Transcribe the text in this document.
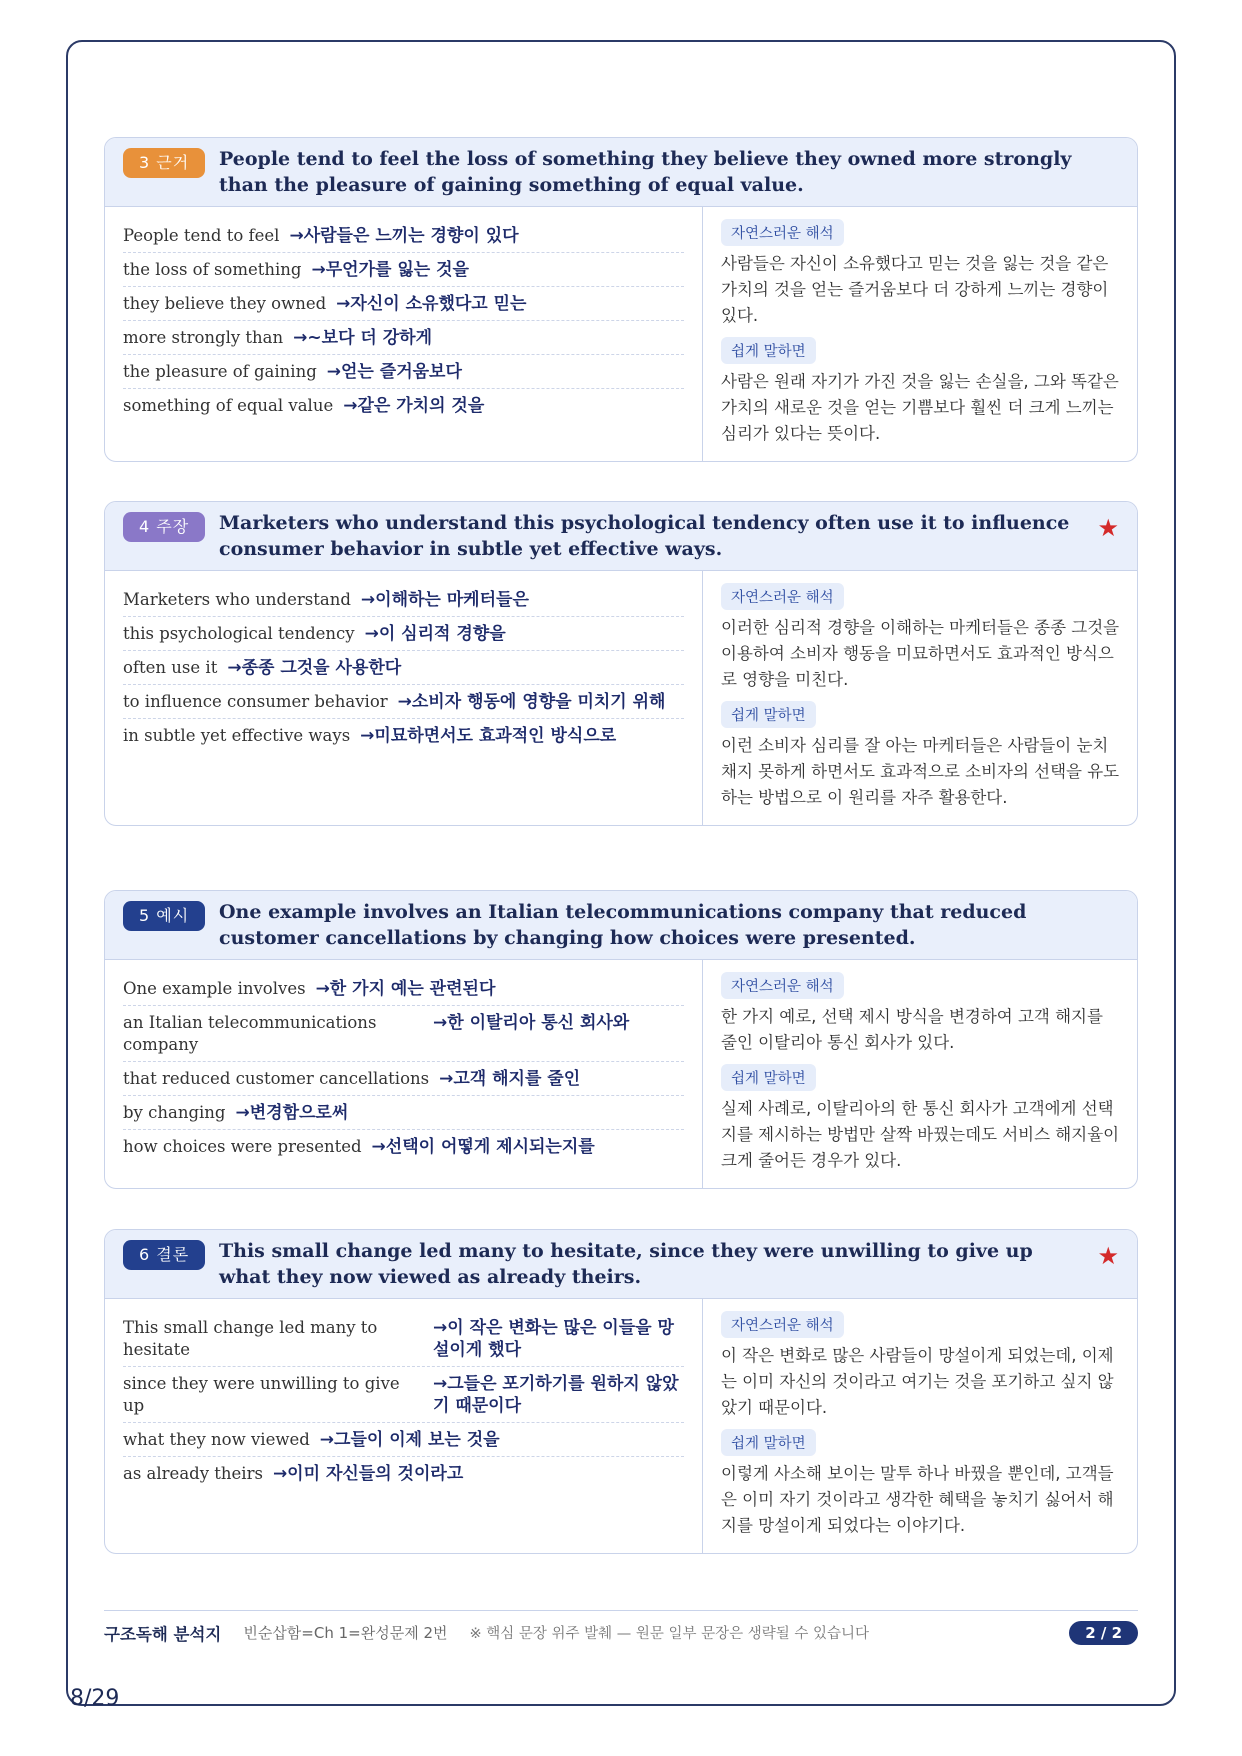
3 근거	People tend to feel the loss of something they believe they owned more strongly than the pleasure of gaining something of equal value.
People tend to feel →사람들은 느끼는 경향이 있다
the loss of something →무언가를 잃는 것을
they believe they owned →자신이 소유했다고 믿는
more strongly than →~보다 더 강하게
the pleasure of gaining →얻는 즐거움보다
something of equal value →같은 가치의 것을
자연스러운 해석
사람들은 자신이 소유했다고 믿는 것을 잃는 것을 같은 가치의 것을 얻는 즐거움보다 더 강하게 느끼는 경향이 있다.
쉽게 말하면
사람은 원래 자기가 가진 것을 잃는 손실을, 그와 똑같은 가치의 새로운 것을 얻는 기쁨보다 훨씬 더 크게 느끼는 심리가 있다는 뜻이다.
4 주장	Marketers who understand this psychological tendency often use it to influence consumer behavior in subtle yet effective ways.
★
Marketers who understand →이해하는 마케터들은
this psychological tendency →이 심리적 경향을
often use it →종종 그것을 사용한다
to influence consumer behavior →소비자 행동에 영향을 미치기 위해
in subtle yet effective ways →미묘하면서도 효과적인 방식으로
자연스러운 해석
이러한 심리적 경향을 이해하는 마케터들은 종종 그것을 이용하여 소비자 행동을 미묘하면서도 효과적인 방식으로 영향을 미친다.
쉽게 말하면
이런 소비자 심리를 잘 아는 마케터들은 사람들이 눈치채지 못하게 하면서도 효과적으로 소비자의 선택을 유도하는 방법으로 이 원리를 자주 활용한다.
5 예시	One example involves an Italian telecommunications company that reduced customer cancellations by changing how choices were presented.
One example involves →한 가지 예는 관련된다
an Italian telecommunications company
→한 이탈리아 통신 회사와
that reduced customer cancellations →고객 해지를 줄인
by changing →변경함으로써
how choices were presented →선택이 어떻게 제시되는지를
자연스러운 해석
한 가지 예로, 선택 제시 방식을 변경하여 고객 해지를 줄인 이탈리아 통신 회사가 있다.
쉽게 말하면
실제 사례로, 이탈리아의 한 통신 회사가 고객에게 선택지를 제시하는 방법만 살짝 바꿨는데도 서비스 해지율이 크게 줄어든 경우가 있다.
6 결론	This small change led many to hesitate, since they were unwilling to give up what they now viewed as already theirs.
★
This small change led many to hesitate
→이 작은 변화는 많은 이들을 망설이게 했다
since they were unwilling to give up
→그들은 포기하기를 원하지 않았기 때문이다
what they now viewed →그들이 이제 보는 것을
as already theirs →이미 자신들의 것이라고
자연스러운 해석
이 작은 변화로 많은 사람들이 망설이게 되었는데, 이제는 이미 자신의 것이라고 여기는 것을 포기하고 싶지 않았기 때문이다.
쉽게 말하면
이렇게 사소해 보이는 말투 하나 바꿨을 뿐인데, 고객들은 이미 자기 것이라고 생각한 혜택을 놓치기 싫어서 해지를 망설이게 되었다는 이야기다.
구조독해 분석지 빈순삽함=Ch 1=완성문제 2번 ※ 핵심 문장 위주 발췌 — 원문 일부 문장은 생략될 수 있습니다	2 / 2
8/29
